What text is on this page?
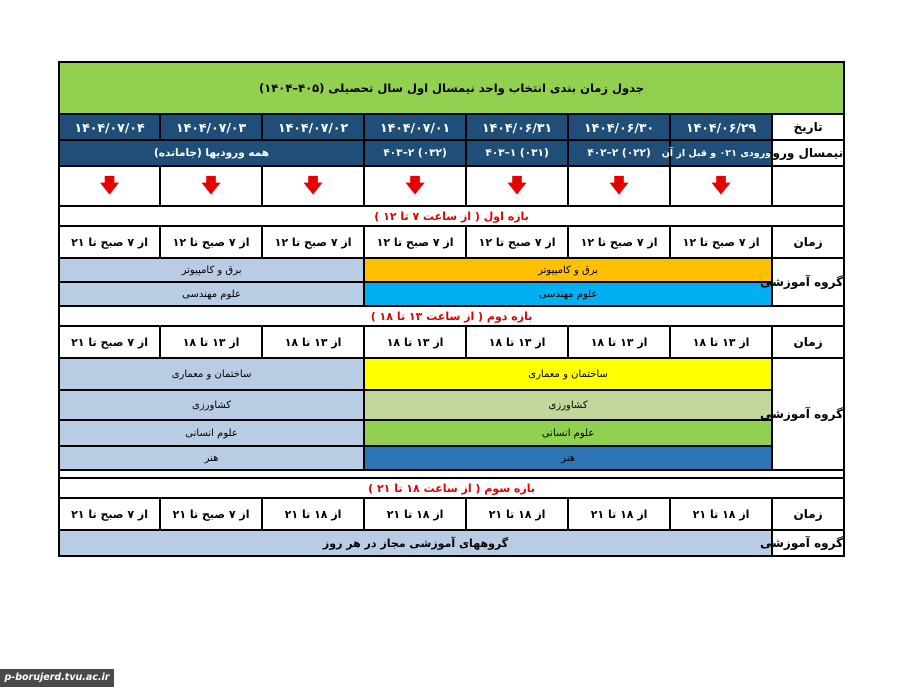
جدول زمان بندی انتخاب واحد نیمسال اول سال تحصیلی (۴۰۵–۱۴۰۴)							
تاریخ	۱۴۰۴/۰۶/۲۹	۱۴۰۴/۰۶/۳۰	۱۴۰۴/۰۶/۳۱	۱۴۰۴/۰۷/۰۱	۱۴۰۴/۰۷/۰۲	۱۴۰۴/۰۷/۰۳	۱۴۰۴/۰۷/۰۴
نیمسال ورود	ورودی ۰۲۱ و قبل از آن	(۰۲۲) ۲–۴۰۲	(۰۳۱) ۱–۴۰۳	(۰۳۲) ۲–۴۰۳	همه ورودیها (جامانده)		
	🡇	🡇	🡇	🡇	🡇	🡇	🡇
بازه اول ( از ساعت ۷ تا ۱۲ )							
زمان	از ۷ صبح تا ۱۲	از ۷ صبح تا ۱۲	از ۷ صبح تا ۱۲	از ۷ صبح تا ۱۲	از ۷ صبح تا ۱۲	از ۷ صبح تا ۱۲	از ۷ صبح تا ۲۱
گروه آموزشی	برق و کامپیوتر				برق و کامپیوتر		
	علوم مهندسی				علوم مهندسی		
بازه دوم ( از ساعت ۱۳ تا ۱۸ )							
زمان	از ۱۳ تا ۱۸	از ۱۳ تا ۱۸	از ۱۳ تا ۱۸	از ۱۳ تا ۱۸	از ۱۳ تا ۱۸	از ۱۳ تا ۱۸	از ۷ صبح تا ۲۱
گروه آموزشی	ساختمان و معماری				ساختمان و معماری		
	کشاورزی				کشاورزی		
	علوم انسانی				علوم انسانی		
	هنر				هنر		

بازه سوم ( از ساعت ۱۸ تا ۲۱ )							
زمان	از ۱۸ تا ۲۱	از ۱۸ تا ۲۱	از ۱۸ تا ۲۱	از ۱۸ تا ۲۱	از ۱۸ تا ۲۱	از ۷ صبح تا ۲۱	از ۷ صبح تا ۲۱
گروه آموزشی	گروههای آموزشی مجاز در هر روز						
p-borujerd.tvu.ac.ir
